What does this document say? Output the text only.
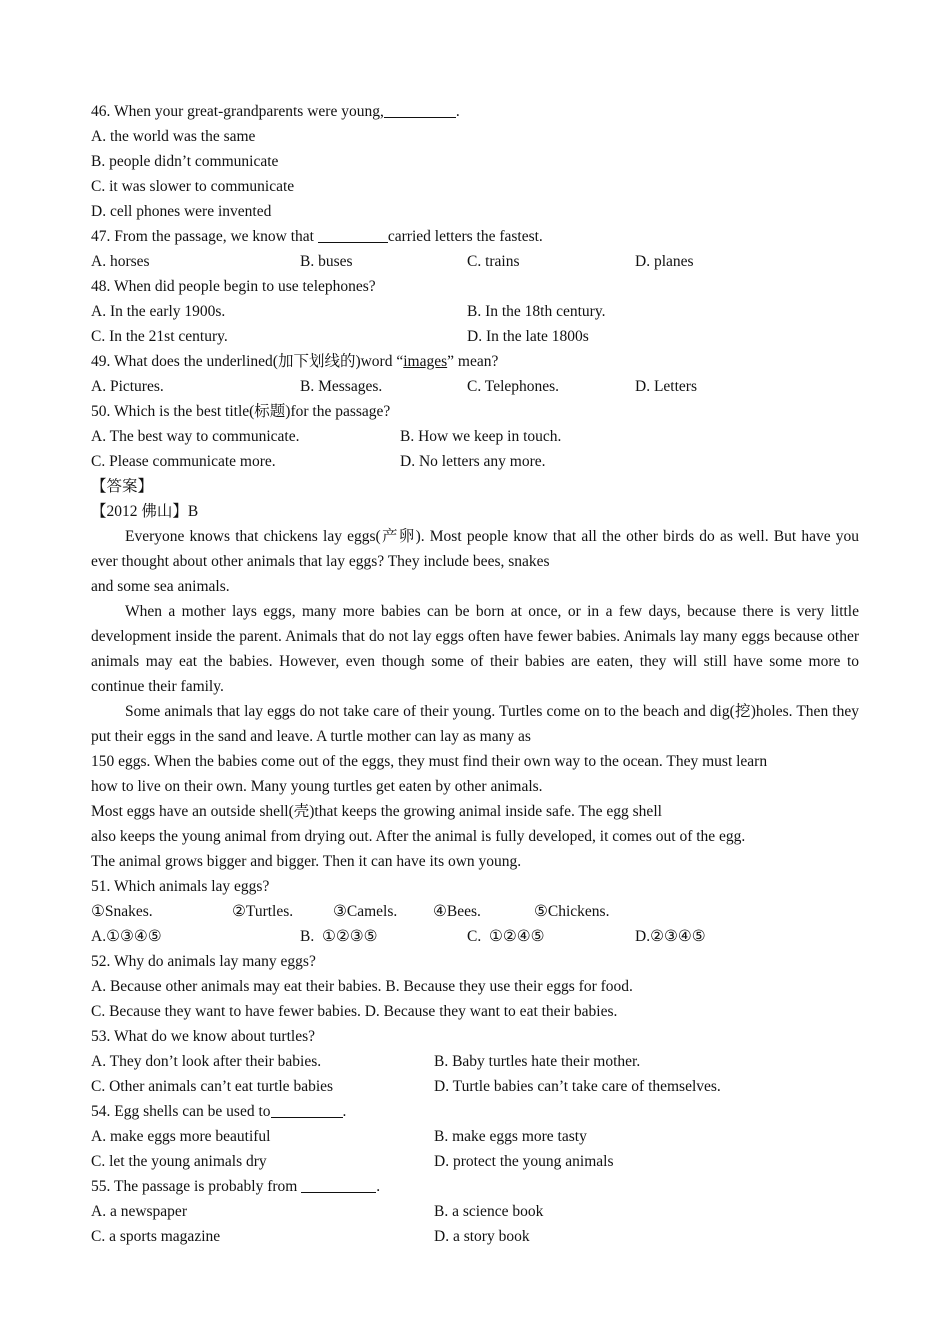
46. When your great-grandparents were young,	.
A. the world was the same
B. people didn’t communicate
C. it was slower to communicate
D. cell phones were invented
47. From the passage, we know that	carried letters the fastest.
A. horses	B. buses	C. trains	D. planes
48. When did people begin to use telephones?
A. In the early 1900s.	B. In the 18th century.
C. In the 21st century.	D. In the late 1800s
49. What does the underlined(加下划线的)word “images” mean?
A. Pictures.	B. Messages.	C. Telephones.	D. Letters
50. Which is the best title(标题)for the passage?
A. The best way to communicate.	B. How we keep in touch.
C. Please communicate more.	D. No letters any more.
【答案】
【2012 佛山】B
Everyone knows that chickens lay eggs(产卵). Most people know that all the other birds do as well. But have you ever thought about other animals that lay eggs? They include bees, snakes
and some sea animals.
When a mother lays eggs, many more babies can be born at once, or in a few days, because there is very little development inside the parent. Animals that do not lay eggs often have fewer babies. Animals lay many eggs because other animals may eat the babies. However, even though some of their babies are eaten, they will still have some more to continue their family.
Some animals that lay eggs do not take care of their young. Turtles come on to the beach and dig(挖)holes. Then they put their eggs in the sand and leave. A turtle mother can lay as many as
150 eggs. When the babies come out of the eggs, they must find their own way to the ocean. They must learn
how to live on their own. Many young turtles get eaten by other animals.
Most eggs have an outside shell(壳)that keeps the growing animal inside safe. The egg shell
also keeps the young animal from drying out. After the animal is fully developed, it comes out of the egg.
The animal grows bigger and bigger. Then it can have its own young.
51. Which animals lay eggs?
①Snakes.	②Turtles.	③Camels. ④Bees.	⑤Chickens.
A.①③④⑤	B.  ①②③⑤	C.  ①②④⑤	D.②③④⑤
52. Why do animals lay many eggs?
A. Because other animals may eat their babies. B. Because they use their eggs for food.
C. Because they want to have fewer babies. D. Because they want to eat their babies.
53. What do we know about turtles?
A. They don’t look after their babies.	B. Baby turtles hate their mother.
C. Other animals can’t eat turtle babies	D. Turtle babies can’t take care of themselves.
54. Egg shells can be used to	.
A. make eggs more beautiful	B. make eggs more tasty
C. let the young animals dry	D. protect the young animals
55. The passage is probably from	.
A. a newspaper	B. a science book
C. a sports magazine	D. a story book
